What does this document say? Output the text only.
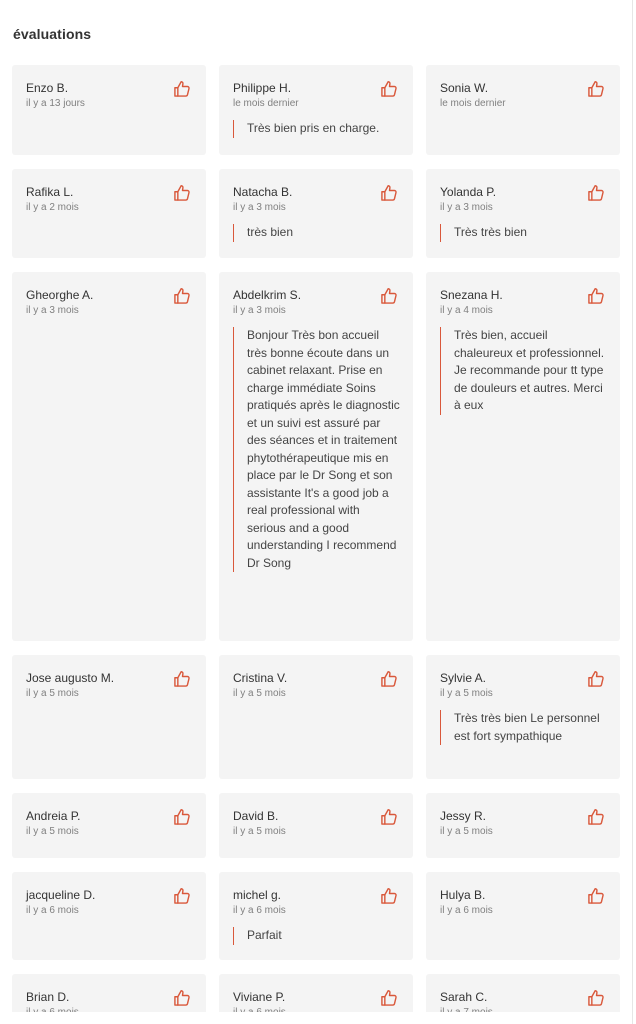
évaluations
Enzo B.
il y a 13 jours
Philippe H.
le mois dernier
Très bien pris en charge.
Sonia W.
le mois dernier
Rafika L.
il y a 2 mois
Natacha B.
il y a 3 mois
très bien
Yolanda P.
il y a 3 mois
Très très bien
Gheorghe A.
il y a 3 mois
Abdelkrim S.
il y a 3 mois
Bonjour Très bon accueil très bonne écoute dans un cabinet relaxant. Prise en charge immédiate Soins pratiqués après le diagnostic et un suivi est assuré par des séances et in traitement phytothérapeutique mis en place par le Dr Song et son assistante It's a good job a real professional with serious and a good understanding I recommend Dr Song
Snezana H.
il y a 4 mois
Très bien, accueil chaleureux et professionnel. Je recommande pour tt type de douleurs et autres. Merci à eux
Jose augusto M.
il y a 5 mois
Cristina V.
il y a 5 mois
Sylvie A.
il y a 5 mois
Très très bien Le personnel est fort sympathique
Andreia P.
il y a 5 mois
David B.
il y a 5 mois
Jessy R.
il y a 5 mois
jacqueline D.
il y a 6 mois
michel g.
il y a 6 mois
Parfait
Hulya B.
il y a 6 mois
Brian D.	Viviane P.	Sarah C.
